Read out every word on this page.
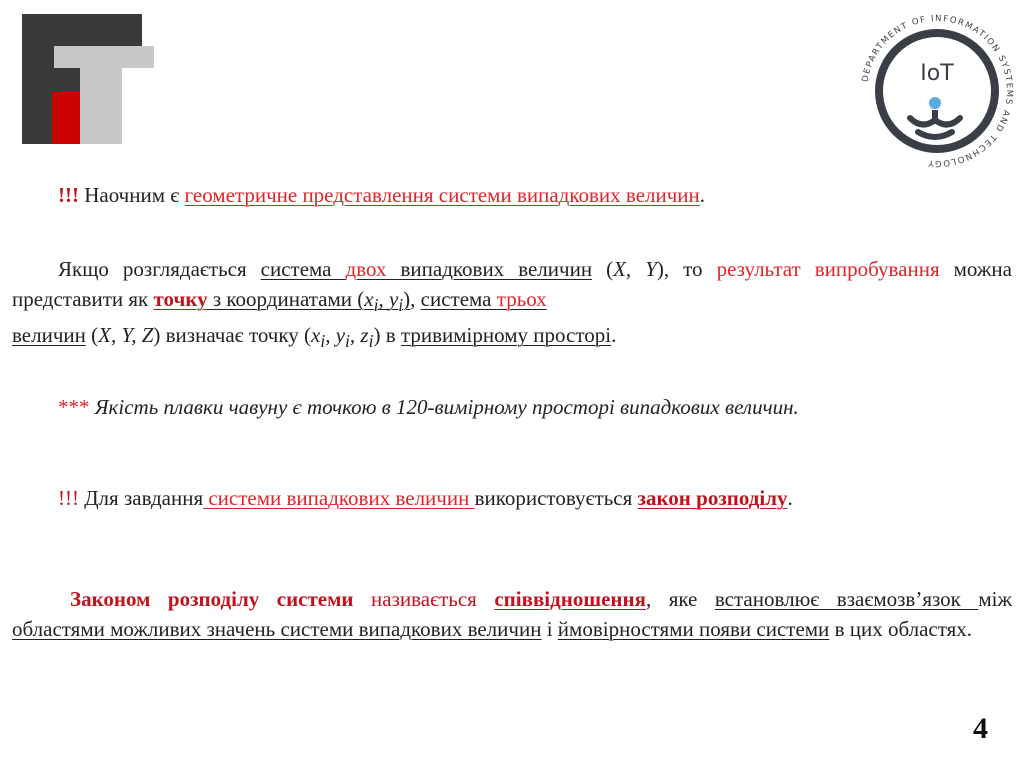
DEPARTMENT OF INFORMATION SYSTEMS AND TECHNOLOGY
IoT
!!! Наочним є геометричне представлення системи випадкових величин.
Якщо розглядається система двох випадкових величин (X, Y), то результат випробування можна представити як точку з координатами ($x_i$, $y_i$), система трьох
величин (X, Y, Z) визначає точку ($x_i$, $y_i$, $z_i$) в тривимірному просторі.
*** Якість плавки чавуну є точкою в 120-вимірному просторі випадкових величин.
!!! Для завдання системи випадкових величин використовується закон розподілу.
Законом розподілу системи називається співвідношення, яке встановлює взаємозв’язок між областями можливих значень системи випадкових величин і ймовірностями появи системи в цих областях.
4
